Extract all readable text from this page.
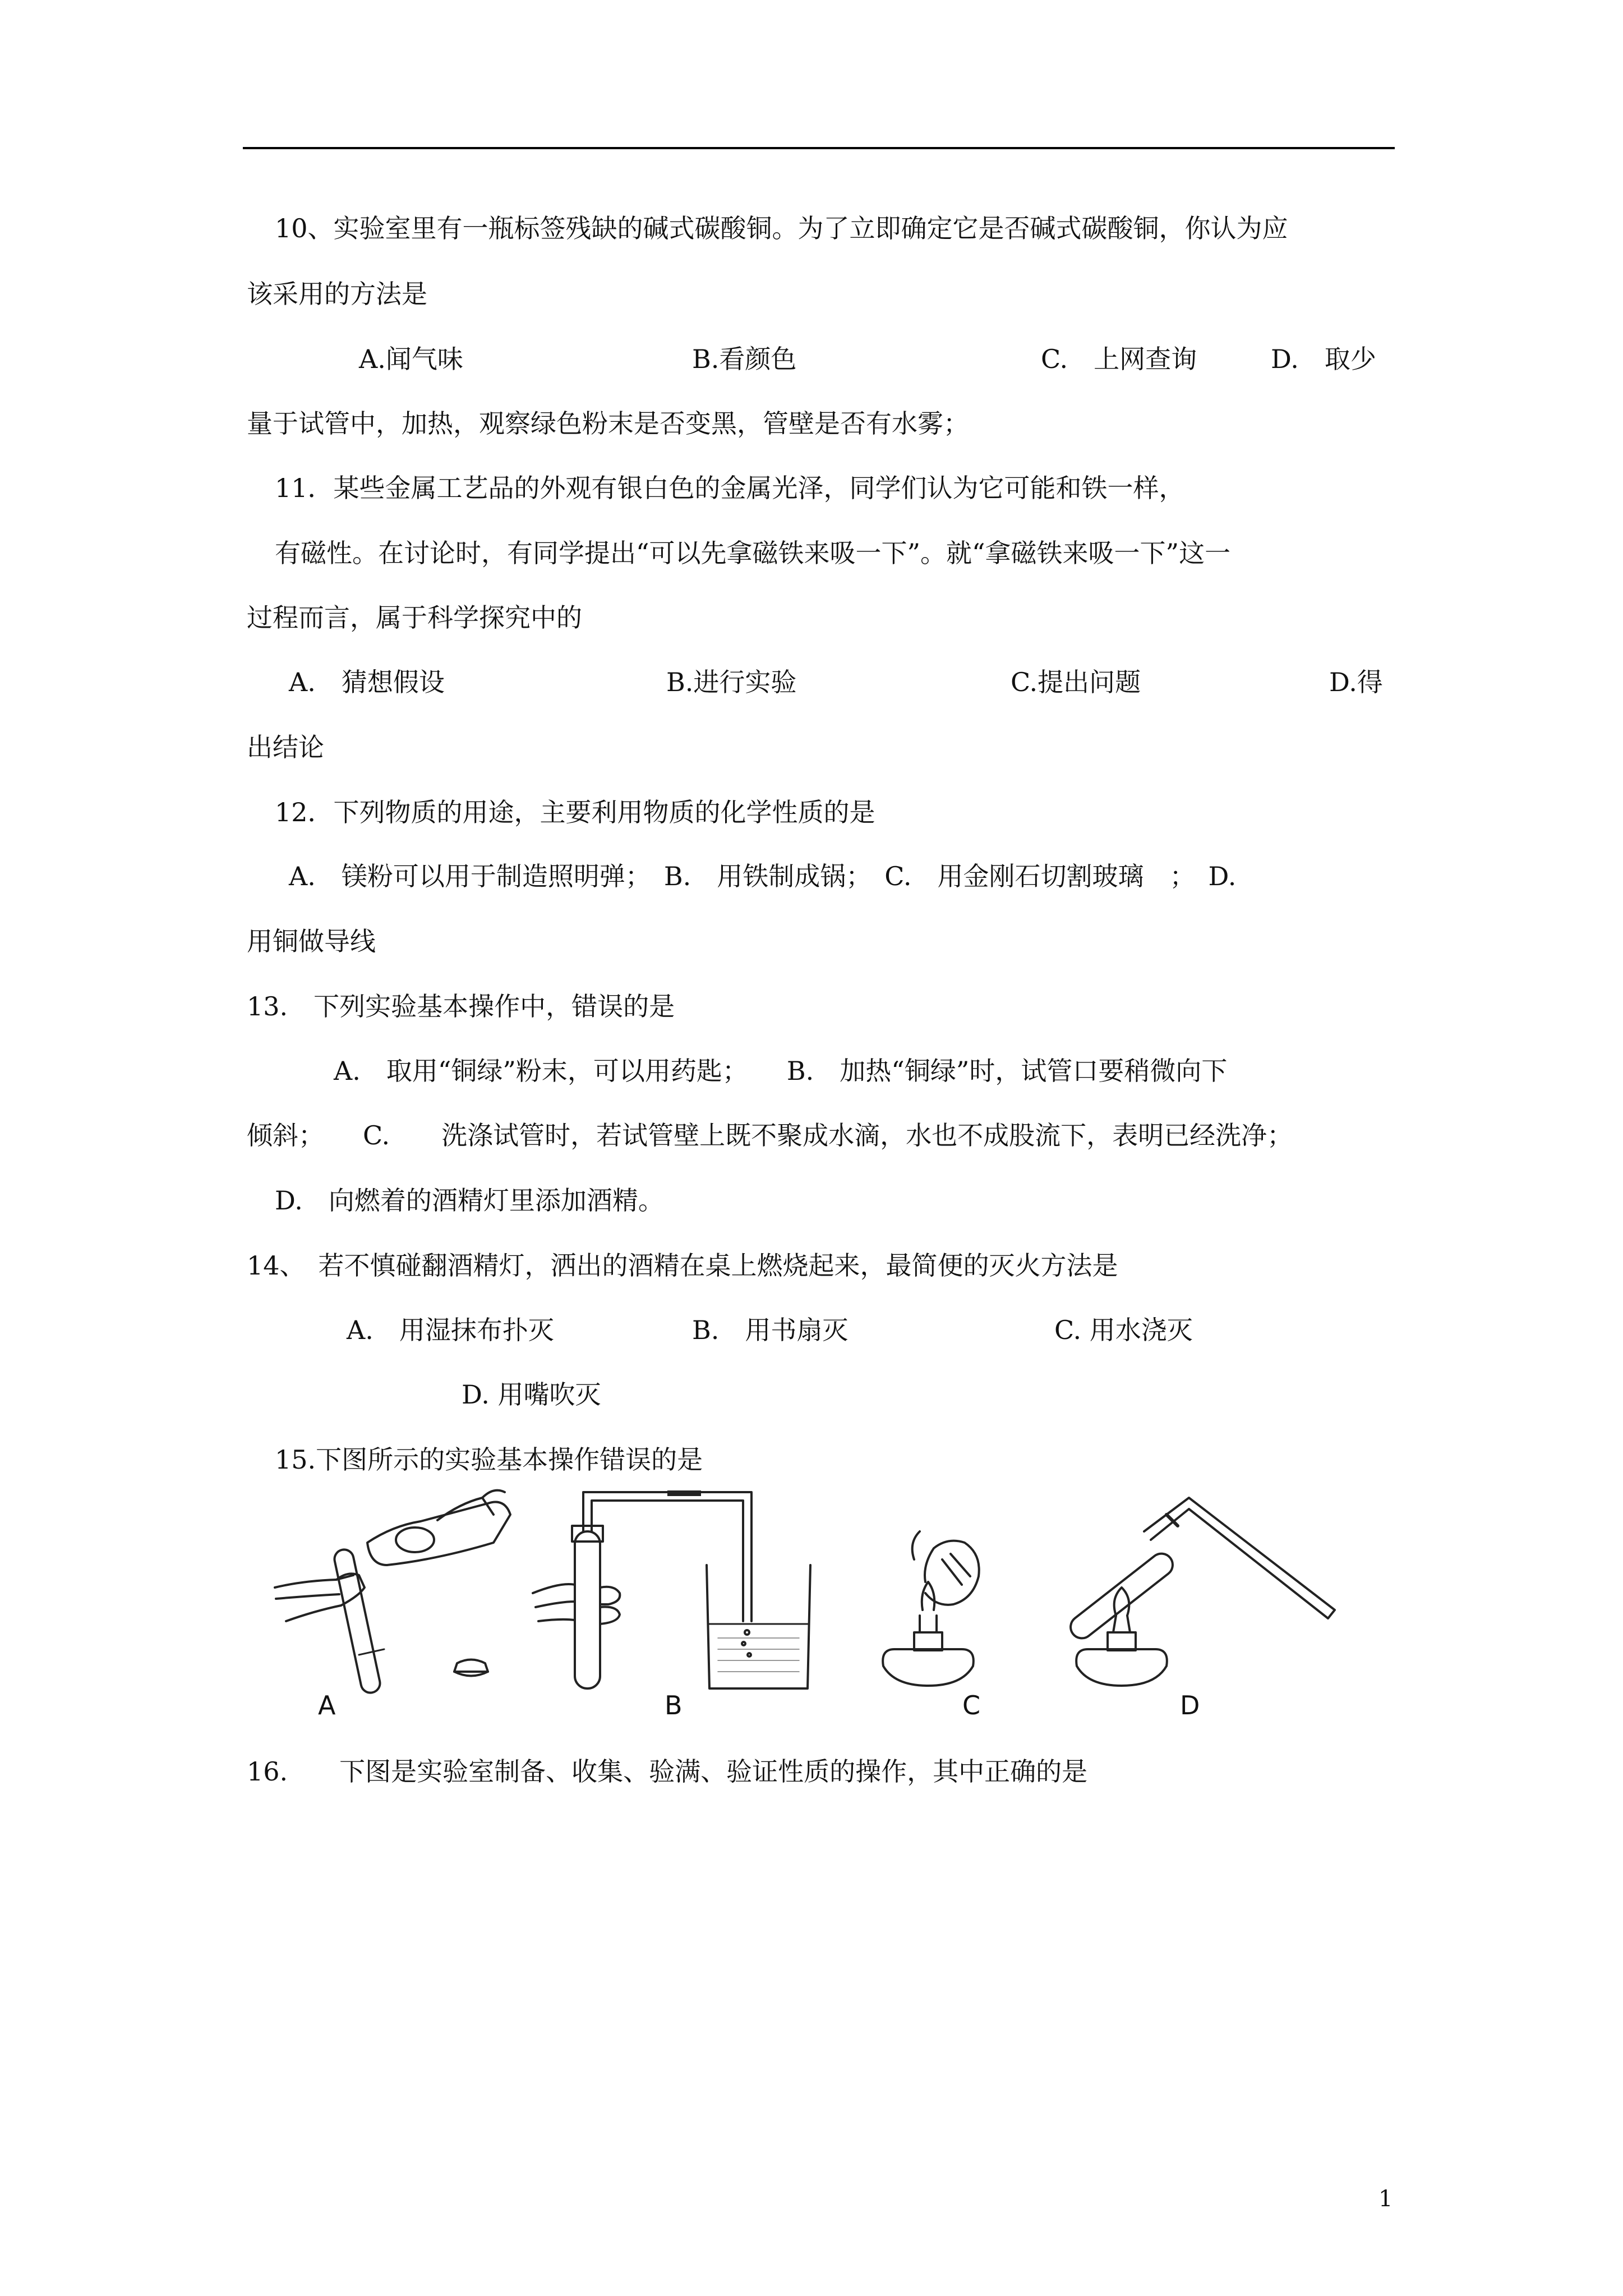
10、实验室里有一瓶标签残缺的碱式碳酸铜。为了立即确定它是否碱式碳酸铜，你认为应
该采用的方法是
A.闻气味	B.看颜色	C.　上网查询	D.　取少
量于试管中，加热，观察绿色粉末是否变黑，管壁是否有水雾；
11．某些金属工艺品的外观有银白色的金属光泽，同学们认为它可能和铁一样，
有磁性。在讨论时，有同学提出“可以先拿磁铁来吸一下”。就“拿磁铁来吸一下”这一
过程而言，属于科学探究中的
A.　猜想假设	B.进行实验	C.提出问题	D.得
出结论
12．下列物质的用途，主要利用物质的化学性质的是
A.　镁粉可以用于制造照明弹；　B.　用铁制成锅；　C.　用金刚石切割玻璃　；　D.
用铜做导线
13.　下列实验基本操作中，错误的是
A.　取用“铜绿”粉末，可以用药匙；　　B.　加热“铜绿”时，试管口要稍微向下
倾斜；　　C.　　洗涤试管时，若试管壁上既不聚成水滴，水也不成股流下，表明已经洗净；
D.　向燃着的酒精灯里添加酒精。
14、　若不慎碰翻酒精灯，洒出的酒精在桌上燃烧起来，最简便的灭火方法是
A.　用湿抹布扑灭	B.　用书扇灭	C. 用水浇灭
D. 用嘴吹灭
15.下图所示的实验基本操作错误的是
A	B	C	D
16.　　下图是实验室制备、收集、验满、验证性质的操作，其中正确的是
1
